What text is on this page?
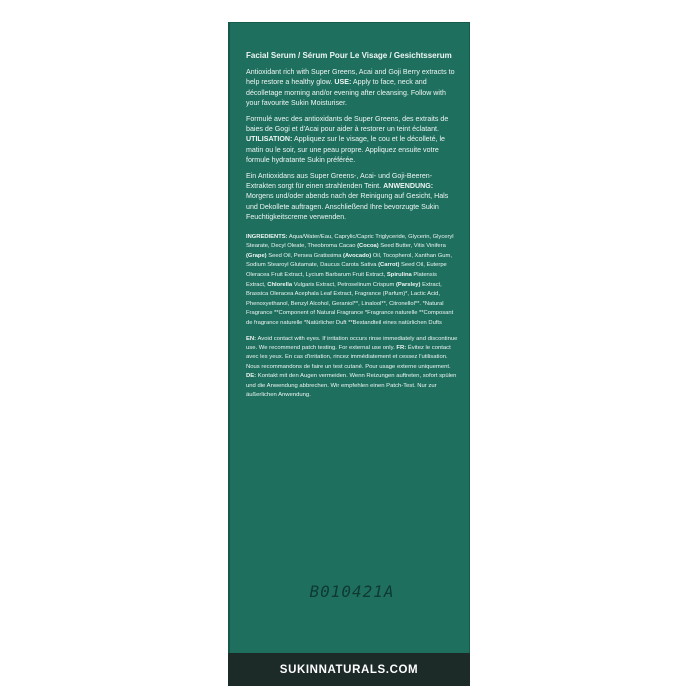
Facial Serum / Sérum Pour Le Visage / Gesichtsserum

Antioxidant rich with Super Greens, Acai and Goji Berry extracts to help restore a healthy glow. USE: Apply to face, neck and décolletage morning and/or evening after cleansing. Follow with your favourite Sukin Moisturiser.

Formulé avec des antioxidants de Super Greens, des extraits de baies de Gogi et d'Acai pour aider à restorer un teint éclatant. UTILISATION: Appliquez sur le visage, le cou et le décolleté, le matin ou le soir, sur une peau propre. Appliquez ensuite votre formule hydratante Sukin préférée.

Ein Antioxidans aus Super Greens-, Acai- und Goji-Beeren-Extrakten sorgt für einen strahlenden Teint. ANWENDUNG: Morgens und/oder abends nach der Reinigung auf Gesicht, Hals und Dekollete auftragen. Anschließend Ihre bevorzugte Sukin Feuchtigkeitscreme verwenden.

INGREDIENTS: Aqua/Water/Eau, Caprylic/Capric Triglyceride, Glycerin, Glyceryl Stearate, Decyl Oleate, Theobroma Cacao (Cocoa) Seed Butter, Vitis Vinifera (Grape) Seed Oil, Persea Gratissima (Avocado) Oil, Tocopherol, Xanthan Gum, Sodium Stearoyl Glutamate, Daucus Carota Sativa (Carrot) Seed Oil, Euterpe Oleracea Fruit Extract, Lycium Barbarum Fruit Extract, Spirulina Platensis Extract, Chlorella Vulgaris Extract, Petroselinum Crispum (Parsley) Extract, Brassica Oleracea Acephala Leaf Extract, Fragrance (Parfum)*, Lactic Acid, Phenoxyethanol, Benzyl Alcohol, Geraniol**, Linalool**, Citronellol**. *Natural Fragrance **Component of Natural Fragrance *Fragrance naturelle **Composant de fragrance naturelle *Natürlicher Duft **Bestandteil eines natürlichen Dufts

EN: Avoid contact with eyes. If irritation occurs rinse immediately and discontinue use. We recommend patch testing. For external use only. FR: Évitez le contact avec les yeux. En cas d'irritation, rincez immédiatement et cessez l'utilisation. Nous recommandons de faire un test cutané. Pour usage externe uniquement. DE: Kontakt mit den Augen vermeiden. Wenn Reizungen auftreten, sofort spülen und die Anwendung abbrechen. Wir empfehlen einen Patch-Test. Nur zur äußerlichen Anwendung.

B010421A
SUKINNATURALS.COM
